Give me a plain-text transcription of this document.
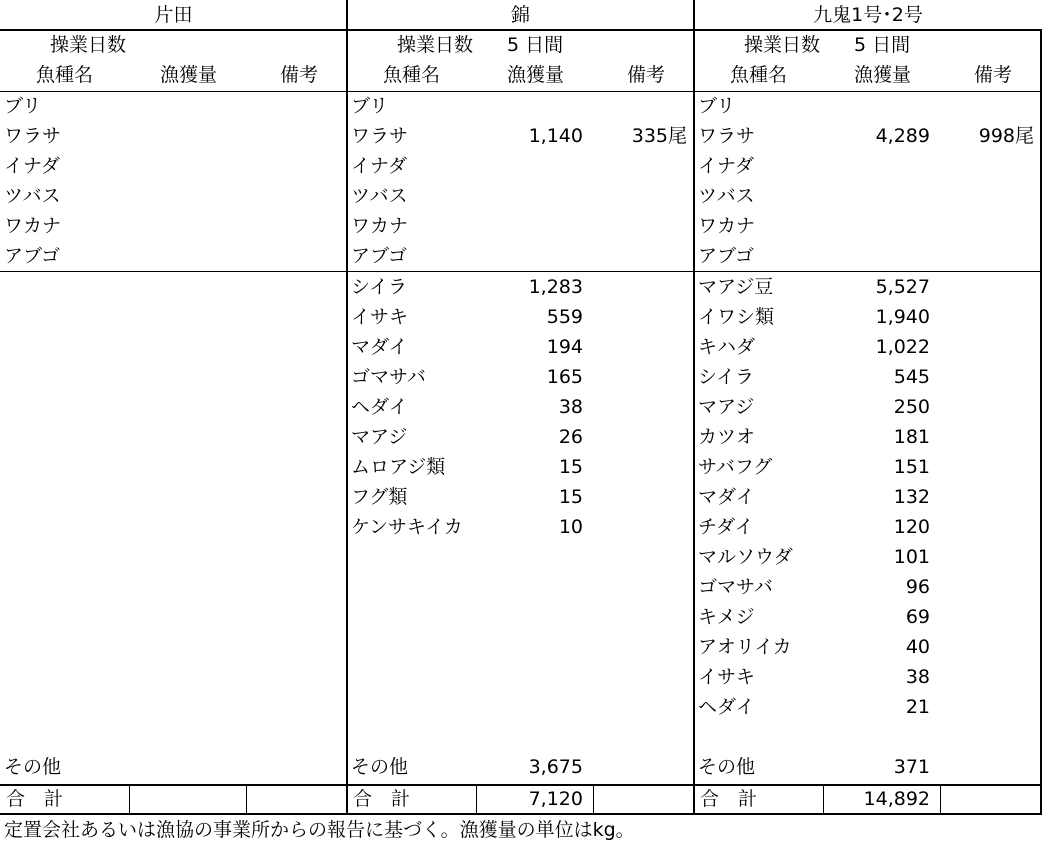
片田
操業日数
魚種名	漁獲量	備考
ブリ
ワラサ
イナダ
ツバス
ワカナ
アブゴ
その他
合　計
錦
操業日数 5 日間
魚種名	漁獲量	備考
ブリ
ワラサ	1,140	335尾
イナダ
ツバス
ワカナ
アブゴ
シイラ	1,283
イサキ	559
マダイ	194
ゴマサバ	165
ヘダイ	38
マアジ	26
ムロアジ類	15
フグ類	15
ケンサキイカ	10
その他	3,675
合　計	7,120
九鬼1号･2号
操業日数 5 日間
魚種名	漁獲量	備考
ブリ
ワラサ	4,289	998尾
イナダ
ツバス
ワカナ
アブゴ
マアジ豆	5,527
イワシ類	1,940
キハダ	1,022
シイラ	545
マアジ	250
カツオ	181
サバフグ	151
マダイ	132
チダイ	120
マルソウダ	101
ゴマサバ	96
キメジ	69
アオリイカ	40
イサキ	38
ヘダイ	21
その他	371
合　計	14,892
定置会社あるいは漁協の事業所からの報告に基づく。漁獲量の単位はkg。
